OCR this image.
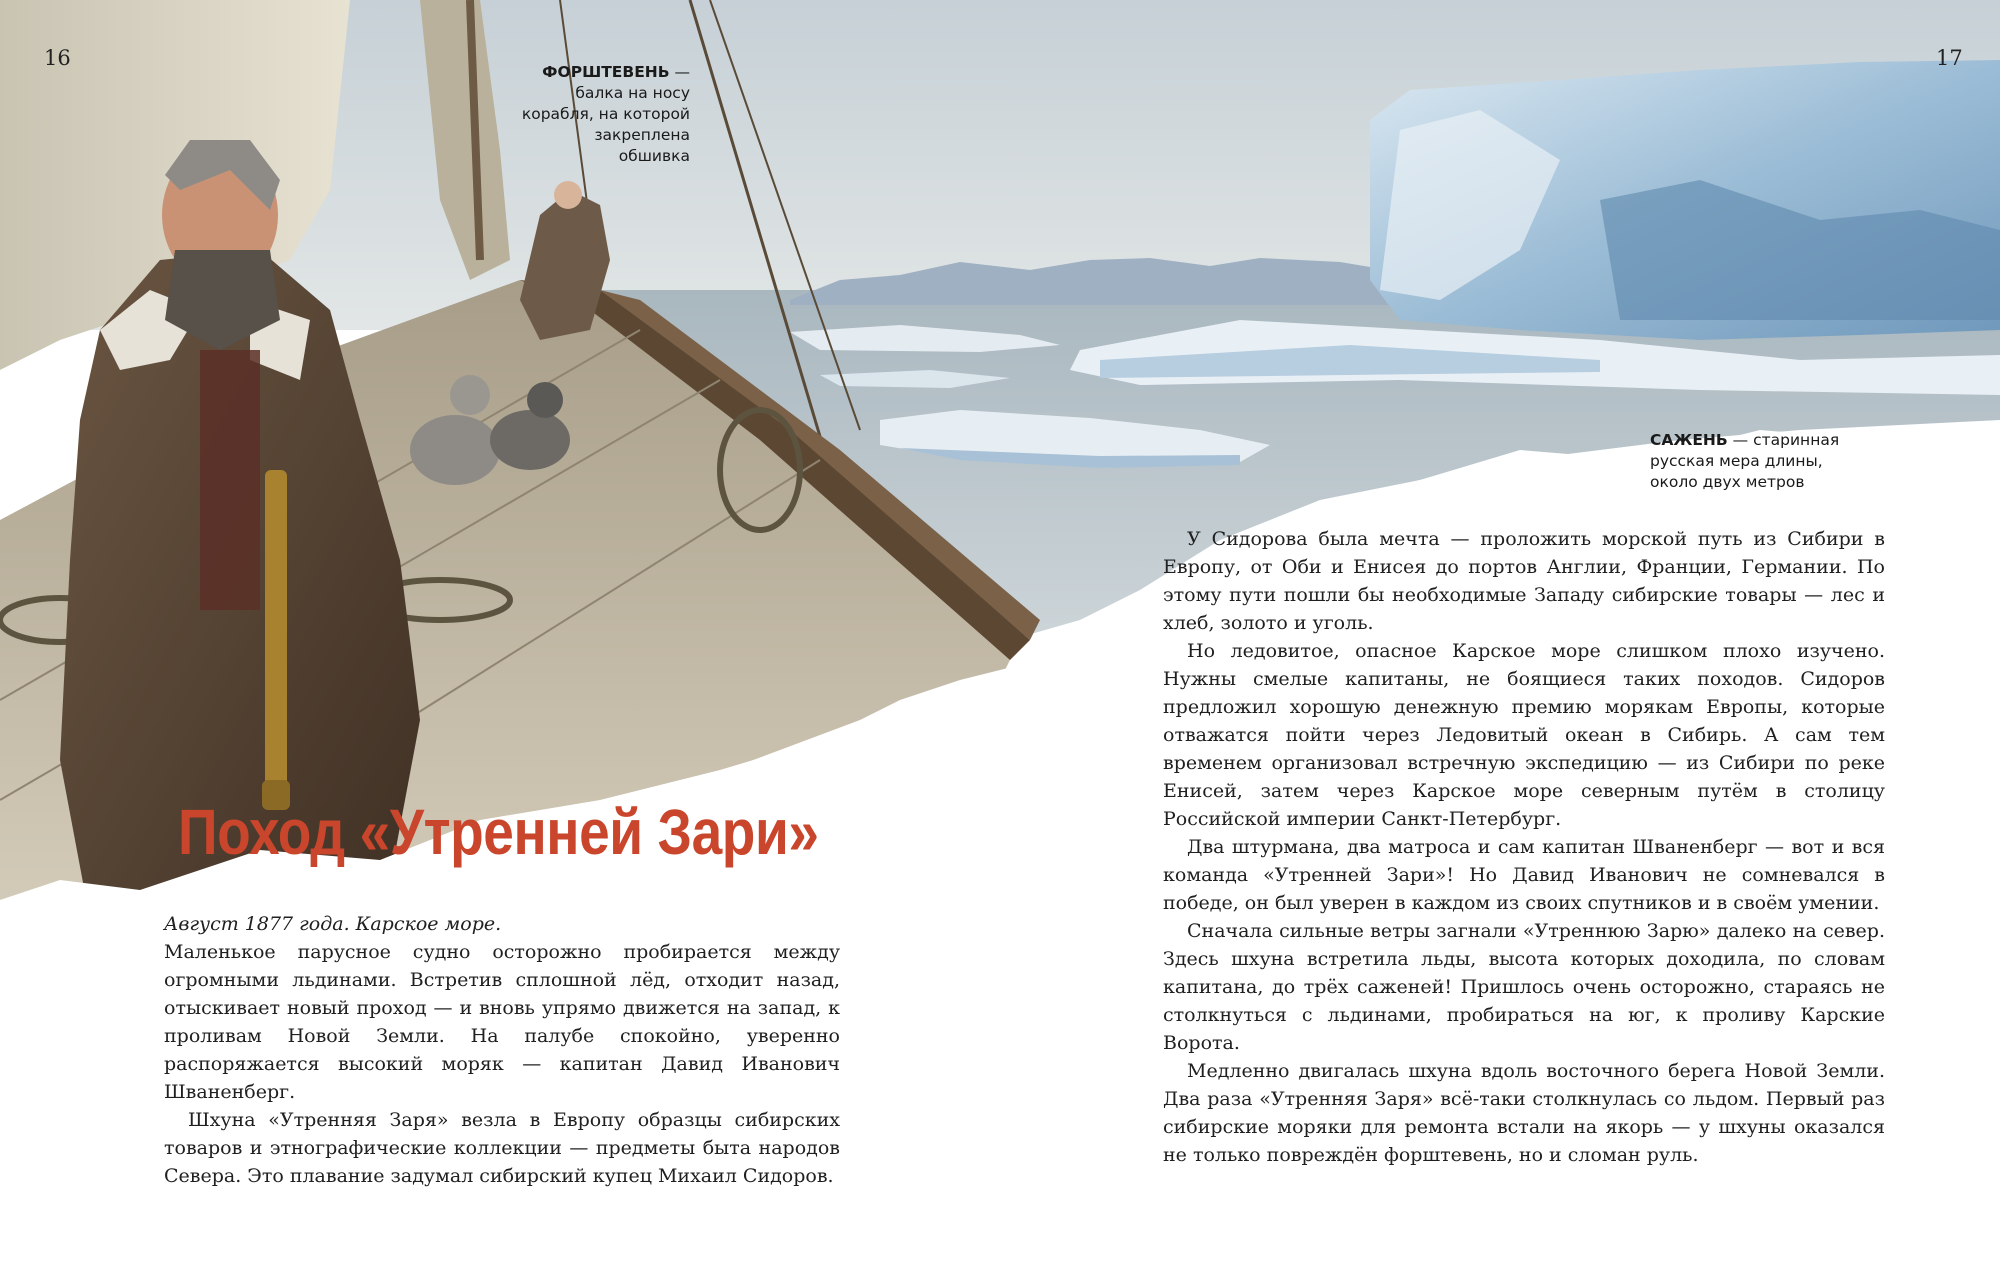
16	17
ФОРШТЕВЕНЬ — балка на носу корабля, на которой закреплена обшивка
САЖЕНЬ — старинная русская мера длины, около двух метров
Поход «Утренней Зари»

Август 1877 года. Карское море.

Маленькое парусное судно осторожно пробирается между огромными льдинами. Встретив сплошной лёд, отходит назад, отыскивает новый проход — и вновь упрямо движется на запад, к проливам Новой Земли. На палубе спокойно, уверенно распоряжается высокий моряк — капитан Давид Иванович Шваненберг.

Шхуна «Утренняя Заря» везла в Европу образцы сибирских товаров и этнографические коллекции — предметы быта народов Севера. Это плавание задумал сибирский купец Михаил Сидоров.

У Сидорова была мечта — проложить морской путь из Сибири в Европу, от Оби и Енисея до портов Англии, Франции, Германии. По этому пути пошли бы необходимые Западу сибирские товары — лес и хлеб, золото и уголь.

Но ледовитое, опасное Карское море слишком плохо изучено. Нужны смелые капитаны, не боящиеся таких походов. Сидоров предложил хорошую денежную премию морякам Европы, которые отважатся пойти через Ледовитый океан в Сибирь. А сам тем временем организовал встречную экспедицию — из Сибири по реке Енисей, затем через Карское море северным путём в столицу Российской империи Санкт-Петербург.

Два штурмана, два матроса и сам капитан Шваненберг — вот и вся команда «Утренней Зари»! Но Давид Иванович не сомневался в победе, он был уверен в каждом из своих спутников и в своём умении.

Сначала сильные ветры загнали «Утреннюю Зарю» далеко на север. Здесь шхуна встретила льды, высота которых доходила, по словам капитана, до трёх саженей! Пришлось очень осторожно, стараясь не столкнуться с льдинами, пробираться на юг, к проливу Карские Ворота.

Медленно двигалась шхуна вдоль восточного берега Новой Земли. Два раза «Утренняя Заря» всё-таки столкнулась со льдом. Первый раз сибирские моряки для ремонта встали на якорь — у шхуны оказался не только повреждён форштевень, но и сломан руль.
